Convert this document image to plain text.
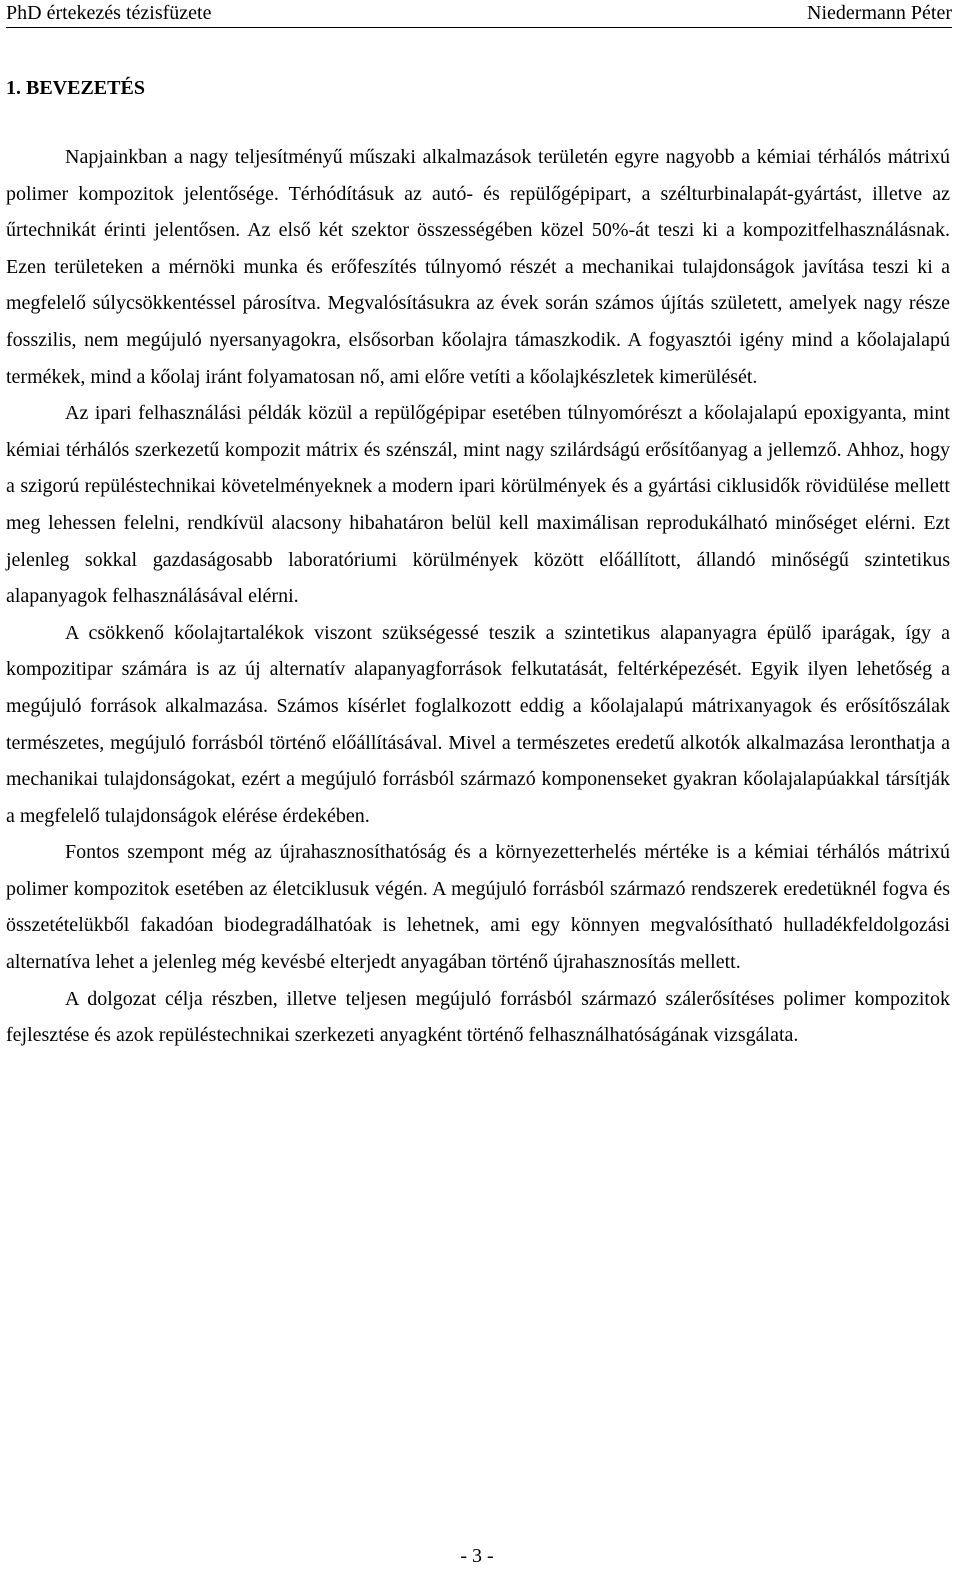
PhD értekezés tézisfüzete	Niedermann Péter
1. BEVEZETÉS

Napjainkban a nagy teljesítményű műszaki alkalmazások területén egyre nagyobb a kémiai térhálós mátrixú polimer kompozitok jelentősége. Térhódításuk az autó- és repülőgépipart, a szélturbinalapát-gyártást, illetve az űrtechnikát érinti jelentősen. Az első két szektor összességében közel 50%-át teszi ki a kompozitfelhasználásnak. Ezen területeken a mérnöki munka és erőfeszítés túlnyomó részét a mechanikai tulajdonságok javítása teszi ki a megfelelő súlycsökkentéssel párosítva. Megvalósításukra az évek során számos újítás született, amelyek nagy része fosszilis, nem megújuló nyersanyagokra, elsősorban kőolajra támaszkodik. A fogyasztói igény mind a kőolajalapú termékek, mind a kőolaj iránt folyamatosan nő, ami előre vetíti a kőolajkészletek kimerülését.

Az ipari felhasználási példák közül a repülőgépipar esetében túlnyomórészt a kőolajalapú epoxigyanta, mint kémiai térhálós szerkezetű kompozit mátrix és szénszál, mint nagy szilárdságú erősítőanyag a jellemző. Ahhoz, hogy a szigorú repüléstechnikai követelményeknek a modern ipari körülmények és a gyártási ciklusidők rövidülése mellett meg lehessen felelni, rendkívül alacsony hibahatáron belül kell maximálisan reprodukálható minőséget elérni. Ezt jelenleg sokkal gazdaságosabb laboratóriumi körülmények között előállított, állandó minőségű szintetikus alapanyagok felhasználásával elérni.

A csökkenő kőolajtartalékok viszont szükségessé teszik a szintetikus alapanyagra épülő iparágak, így a kompozitipar számára is az új alternatív alapanyagforrások felkutatását, feltérképezését. Egyik ilyen lehetőség a megújuló források alkalmazása. Számos kísérlet foglalkozott eddig a kőolajalapú mátrixanyagok és erősítőszálak természetes, megújuló forrásból történő előállításával. Mivel a természetes eredetű alkotók alkalmazása leronthatja a mechanikai tulajdonságokat, ezért a megújuló forrásból származó komponenseket gyakran kőolajalapúakkal társítják a megfelelő tulajdonságok elérése érdekében.

Fontos szempont még az újrahasznosíthatóság és a környezetterhelés mértéke is a kémiai térhálós mátrixú polimer kompozitok esetében az életciklusuk végén. A megújuló forrásból származó rendszerek eredetüknél fogva és összetételükből fakadóan biodegradálhatóak is lehetnek, ami egy könnyen megvalósítható hulladékfeldolgozási alternatíva lehet a jelenleg még kevésbé elterjedt anyagában történő újrahasznosítás mellett.

A dolgozat célja részben, illetve teljesen megújuló forrásból származó szálerősítéses polimer kompozitok fejlesztése és azok repüléstechnikai szerkezeti anyagként történő felhasználhatóságának vizsgálata.

- 3 -
